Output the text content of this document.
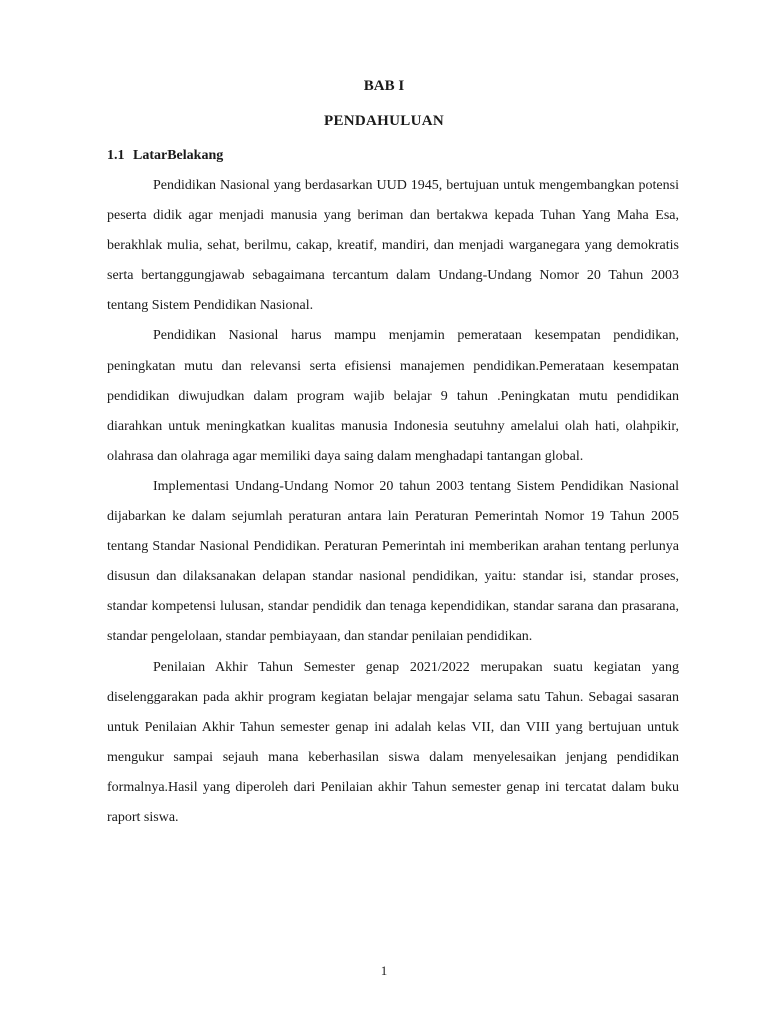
BAB I
PENDAHULUAN
1.1 LatarBelakang

Pendidikan Nasional yang berdasarkan UUD 1945, bertujuan untuk mengembangkan potensi peserta didik agar menjadi manusia yang beriman dan bertakwa kepada Tuhan Yang Maha Esa, berakhlak mulia, sehat, berilmu, cakap, kreatif, mandiri, dan menjadi warganegara yang demokratis serta bertanggungjawab sebagaimana tercantum dalam Undang-Undang Nomor 20 Tahun 2003 tentang Sistem Pendidikan Nasional.

Pendidikan Nasional harus mampu menjamin pemerataan kesempatan pendidikan, peningkatan mutu dan relevansi serta efisiensi manajemen pendidikan.Pemerataan kesempatan pendidikan diwujudkan dalam program wajib belajar 9 tahun .Peningkatan mutu pendidikan diarahkan untuk meningkatkan kualitas manusia Indonesia seutuhny amelalui olah hati, olahpikir, olahrasa dan olahraga agar memiliki daya saing dalam menghadapi tantangan global.

Implementasi Undang-Undang Nomor 20 tahun 2003 tentang Sistem Pendidikan Nasional dijabarkan ke dalam sejumlah peraturan antara lain Peraturan Pemerintah Nomor 19 Tahun 2005 tentang Standar Nasional Pendidikan. Peraturan Pemerintah ini memberikan arahan tentang perlunya disusun dan dilaksanakan delapan standar nasional pendidikan, yaitu: standar isi, standar proses, standar kompetensi lulusan, standar pendidik dan tenaga kependidikan, standar sarana dan prasarana, standar pengelolaan, standar pembiayaan, dan standar penilaian pendidikan.

Penilaian Akhir Tahun Semester genap 2021/2022 merupakan suatu kegiatan yang diselenggarakan pada akhir program kegiatan belajar mengajar selama satu Tahun. Sebagai sasaran untuk Penilaian Akhir Tahun semester genap ini adalah kelas VII, dan VIII yang bertujuan untuk mengukur sampai sejauh mana keberhasilan siswa dalam menyelesaikan jenjang pendidikan formalnya.Hasil yang diperoleh dari Penilaian akhir Tahun semester genap ini tercatat dalam buku raport siswa.

1
